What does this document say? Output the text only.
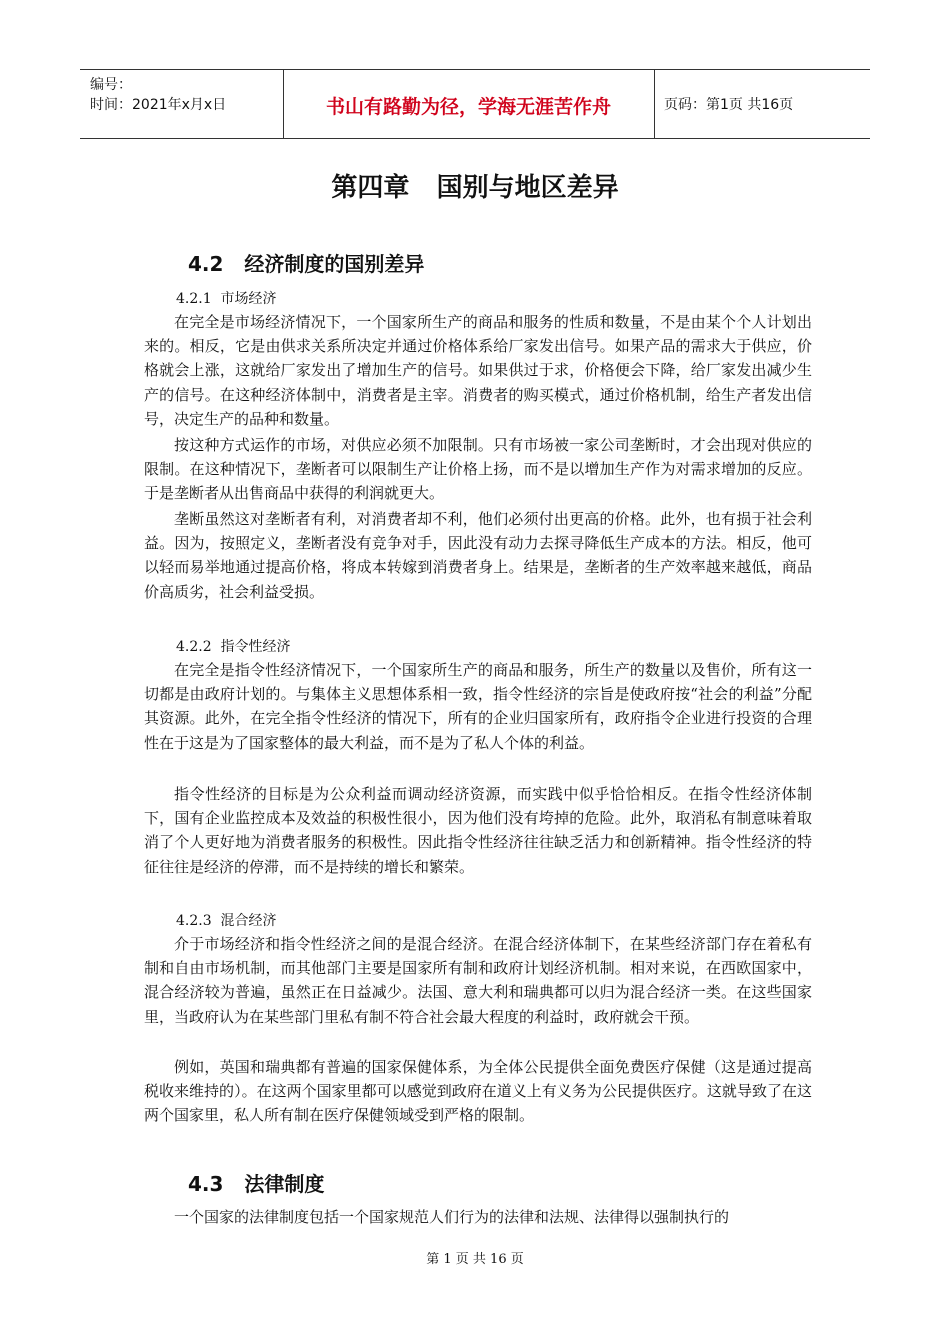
编号：
时间：2021年x月x日	书山有路勤为径，学海无涯苦作舟	页码：第1页 共16页
第四章   国别与地区差异
4.2   经济制度的国别差异
4.2.1  市场经济
在完全是市场经济情况下，一个国家所生产的商品和服务的性质和数量，不是由某个个人计划出来的。相反，它是由供求关系所决定并通过价格体系给厂家发出信号。如果产品的需求大于供应，价格就会上涨，这就给厂家发出了增加生产的信号。如果供过于求，价格便会下降，给厂家发出减少生产的信号。在这种经济体制中，消费者是主宰。消费者的购买模式，通过价格机制，给生产者发出信号，决定生产的品种和数量。
按这种方式运作的市场，对供应必须不加限制。只有市场被一家公司垄断时，才会出现对供应的限制。在这种情况下，垄断者可以限制生产让价格上扬，而不是以增加生产作为对需求增加的反应。于是垄断者从出售商品中获得的利润就更大。
垄断虽然这对垄断者有利，对消费者却不利，他们必须付出更高的价格。此外，也有损于社会利益。因为，按照定义，垄断者没有竞争对手，因此没有动力去探寻降低生产成本的方法。相反，他可以轻而易举地通过提高价格，将成本转嫁到消费者身上。结果是，垄断者的生产效率越来越低，商品价高质劣，社会利益受损。
4.2.2  指令性经济
在完全是指令性经济情况下，一个国家所生产的商品和服务，所生产的数量以及售价，所有这一切都是由政府计划的。与集体主义思想体系相一致，指令性经济的宗旨是使政府按“社会的利益”分配其资源。此外，在完全指令性经济的情况下，所有的企业归国家所有，政府指令企业进行投资的合理性在于这是为了国家整体的最大利益，而不是为了私人个体的利益。
指令性经济的目标是为公众利益而调动经济资源，而实践中似乎恰恰相反。在指令性经济体制下，国有企业监控成本及效益的积极性很小，因为他们没有垮掉的危险。此外，取消私有制意味着取消了个人更好地为消费者服务的积极性。因此指令性经济往往缺乏活力和创新精神。指令性经济的特征往往是经济的停滞，而不是持续的增长和繁荣。
4.2.3  混合经济
介于市场经济和指令性经济之间的是混合经济。在混合经济体制下，在某些经济部门存在着私有制和自由市场机制，而其他部门主要是国家所有制和政府计划经济机制。相对来说，在西欧国家中，混合经济较为普遍，虽然正在日益减少。法国、意大利和瑞典都可以归为混合经济一类。在这些国家里，当政府认为在某些部门里私有制不符合社会最大程度的利益时，政府就会干预。
例如，英国和瑞典都有普遍的国家保健体系，为全体公民提供全面免费医疗保健（这是通过提高税收来维持的）。在这两个国家里都可以感觉到政府在道义上有义务为公民提供医疗。这就导致了在这两个国家里，私人所有制在医疗保健领域受到严格的限制。
4.3   法律制度
一个国家的法律制度包括一个国家规范人们行为的法律和法规、法律得以强制执行的
第 1 页 共 16 页
